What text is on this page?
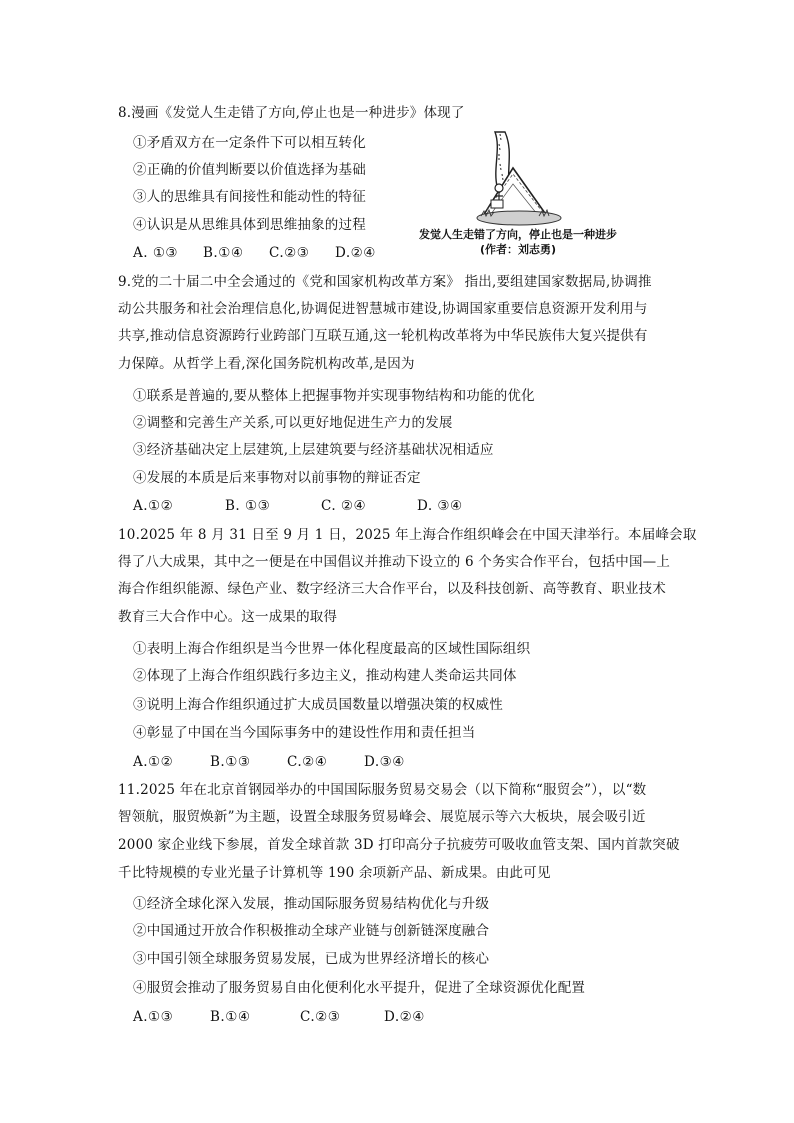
8.漫画《发觉人生走错了方向,停止也是一种进步》体现了
①矛盾双方在一定条件下可以相互转化
②正确的价值判断要以价值选择为基础
③人的思维具有间接性和能动性的特征
④认识是从思维具体到思维抽象的过程
A. ①③ B.①④ C.②③ D.②④
发觉人生走错了方向，停止也是一种进步
(作者：刘志勇)
9.党的二十届二中全会通过的《党和国家机构改革方案》 指出,要组建国家数据局,协调推
动公共服务和社会治理信息化,协调促进智慧城市建设,协调国家重要信息资源开发利用与
共享,推动信息资源跨行业跨部门互联互通,这一轮机构改革将为中华民族伟大复兴提供有
力保障。从哲学上看,深化国务院机构改革,是因为
①联系是普遍的,要从整体上把握事物并实现事物结构和功能的优化
②调整和完善生产关系,可以更好地促进生产力的发展
③经济基础决定上层建筑,上层建筑要与经济基础状况相适应
④发展的本质是后来事物对以前事物的辩证否定
A.①②	B. ①③	C. ②④	D. ③④
10.2025 年 8 月 31 日至 9 月 1 日，2025 年上海合作组织峰会在中国天津举行。本届峰会取
得了八大成果，其中之一便是在中国倡议并推动下设立的 6 个务实合作平台，包括中国—上
海合作组织能源、绿色产业、数字经济三大合作平台，以及科技创新、高等教育、职业技术
教育三大合作中心。这一成果的取得
①表明上海合作组织是当今世界一体化程度最高的区域性国际组织
②体现了上海合作组织践行多边主义，推动构建人类命运共同体
③说明上海合作组织通过扩大成员国数量以增强决策的权威性
④彰显了中国在当今国际事务中的建设性作用和责任担当
A.①②	B.①③	C.②④	D.③④
11.2025 年在北京首钢园举办的中国国际服务贸易交易会（以下简称“服贸会”），以“数
智领航，服贸焕新”为主题，设置全球服务贸易峰会、展览展示等六大板块，展会吸引近
2000 家企业线下参展，首发全球首款 3D 打印高分子抗疲劳可吸收血管支架、国内首款突破
千比特规模的专业光量子计算机等 190 余项新产品、新成果。由此可见
①经济全球化深入发展，推动国际服务贸易结构优化与升级
②中国通过开放合作积极推动全球产业链与创新链深度融合
③中国引领全球服务贸易发展，已成为世界经济增长的核心
④服贸会推动了服务贸易自由化便利化水平提升，促进了全球资源优化配置
A.①③	B.①④	C.②③	D.②④
